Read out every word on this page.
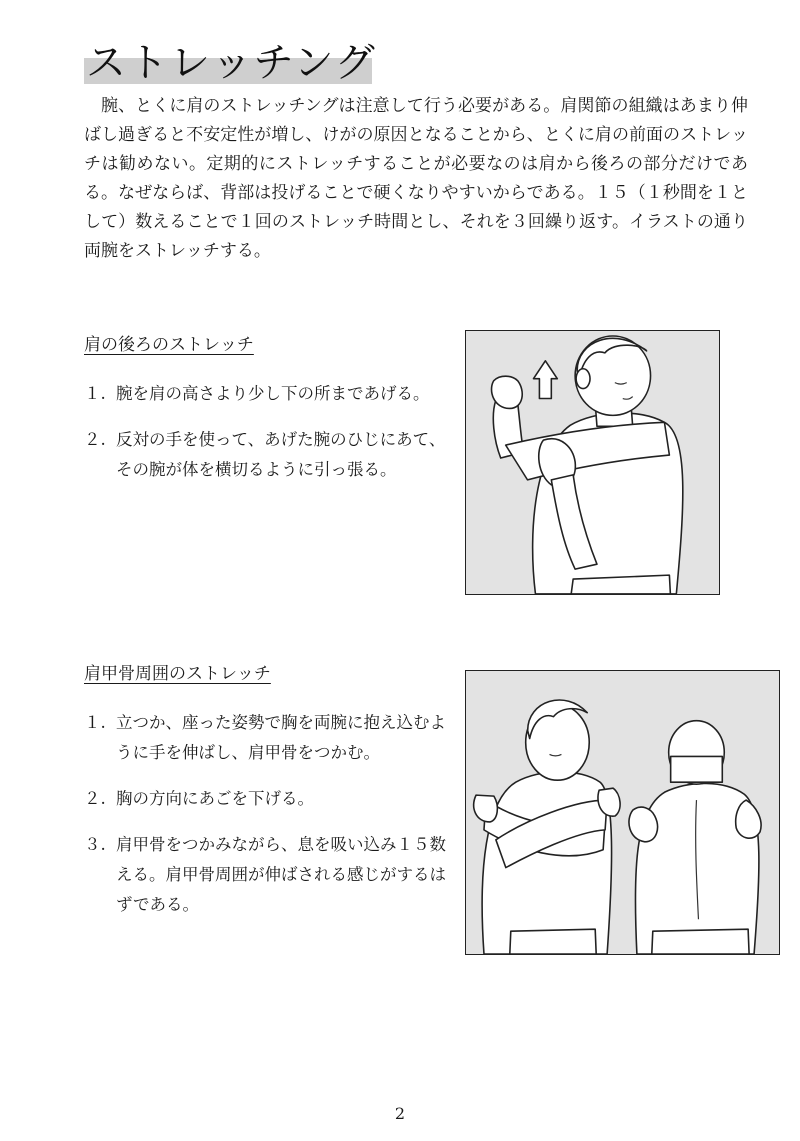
ストレッチング

腕、とくに肩のストレッチングは注意して行う必要がある。肩関節の組織はあまり伸ばし過ぎると不安定性が増し、けがの原因となることから、とくに肩の前面のストレッチは勧めない。定期的にストレッチすることが必要なのは肩から後ろの部分だけである。なぜならば、背部は投げることで硬くなりやすいからである。１５（１秒間を１として）数えることで１回のストレッチ時間とし、それを３回繰り返す。イラストの通り両腕をストレッチする。

肩の後ろのストレッチ
１. 腕を肩の高さより少し下の所まであげる。
２. 反対の手を使って、あげた腕のひじにあて、 その腕が体を横切るように引っ張る。
肩甲骨周囲のストレッチ
１. 立つか、座った姿勢で胸を両腕に抱え込むように手を伸ばし、肩甲骨をつかむ。
２. 胸の方向にあごを下げる。
３. 肩甲骨をつかみながら、息を吸い込み１５数える。肩甲骨周囲が伸ばされる感じがするはずである。
2
